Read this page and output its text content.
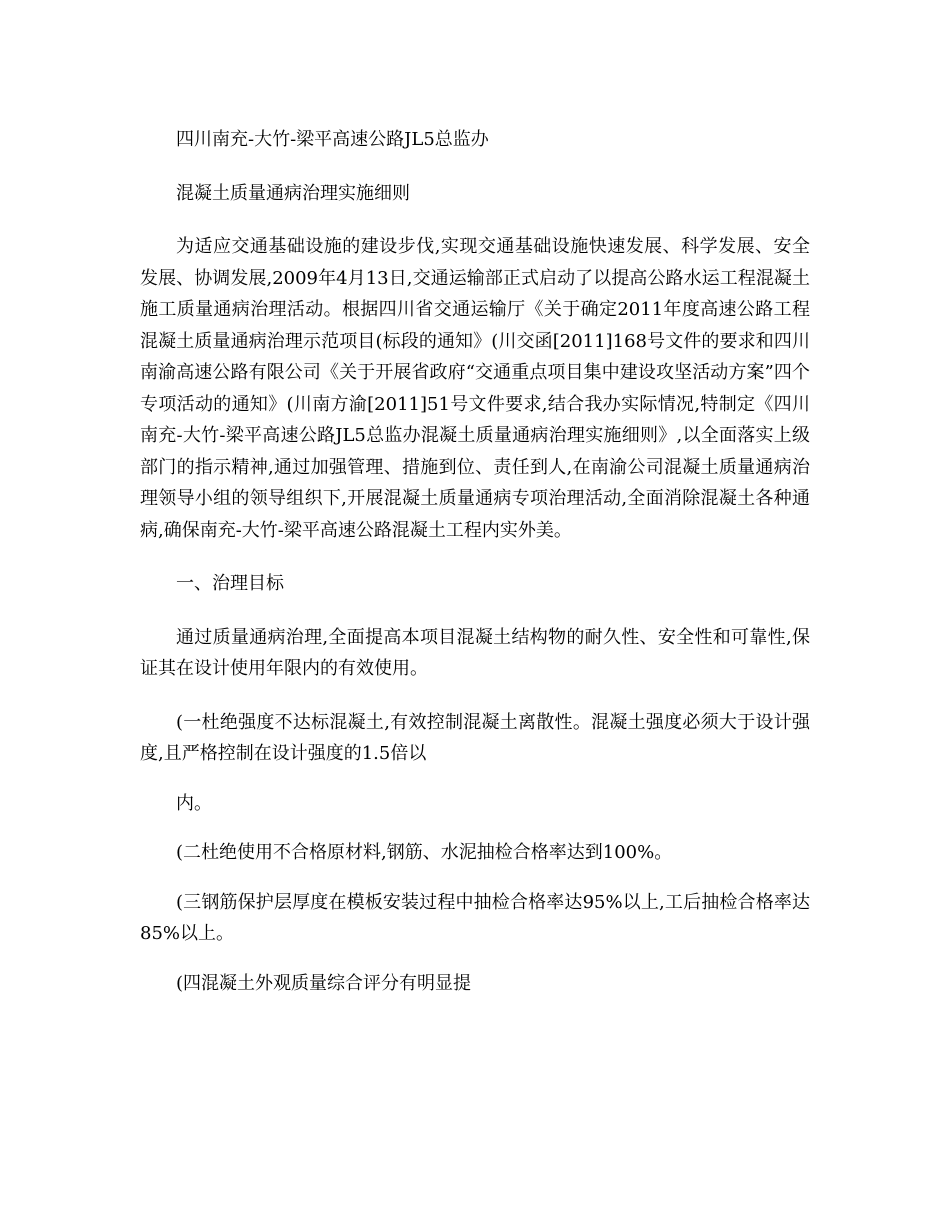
四川南充-大竹-梁平高速公路JL5总监办

混凝土质量通病治理实施细则

为适应交通基础设施的建设步伐,实现交通基础设施快速发展、科学发展、安全发展、协调发展,2009年4月13日,交通运输部正式启动了以提高公路水运工程混凝土施工质量通病治理活动。根据四川省交通运输厅《关于确定2011年度高速公路工程混凝土质量通病治理示范项目(标段的通知》(川交函[2011]168号文件的要求和四川南渝高速公路有限公司《关于开展省政府“交通重点项目集中建设攻坚活动方案”四个专项活动的通知》(川南方渝[2011]51号文件要求,结合我办实际情况,特制定《四川南充-大竹-梁平高速公路JL5总监办混凝土质量通病治理实施细则》,以全面落实上级部门的指示精神,通过加强管理、措施到位、责任到人,在南渝公司混凝土质量通病治理领导小组的领导组织下,开展混凝土质量通病专项治理活动,全面消除混凝土各种通病,确保南充-大竹-梁平高速公路混凝土工程内实外美。

一、治理目标

通过质量通病治理,全面提高本项目混凝土结构物的耐久性、安全性和可靠性,保证其在设计使用年限内的有效使用。

(一杜绝强度不达标混凝土,有效控制混凝土离散性。混凝土强度必须大于设计强度,且严格控制在设计强度的1.5倍以

内。

(二杜绝使用不合格原材料,钢筋、水泥抽检合格率达到100%。

(三钢筋保护层厚度在模板安装过程中抽检合格率达95%以上,工后抽检合格率达85%以上。

(四混凝土外观质量综合评分有明显提
